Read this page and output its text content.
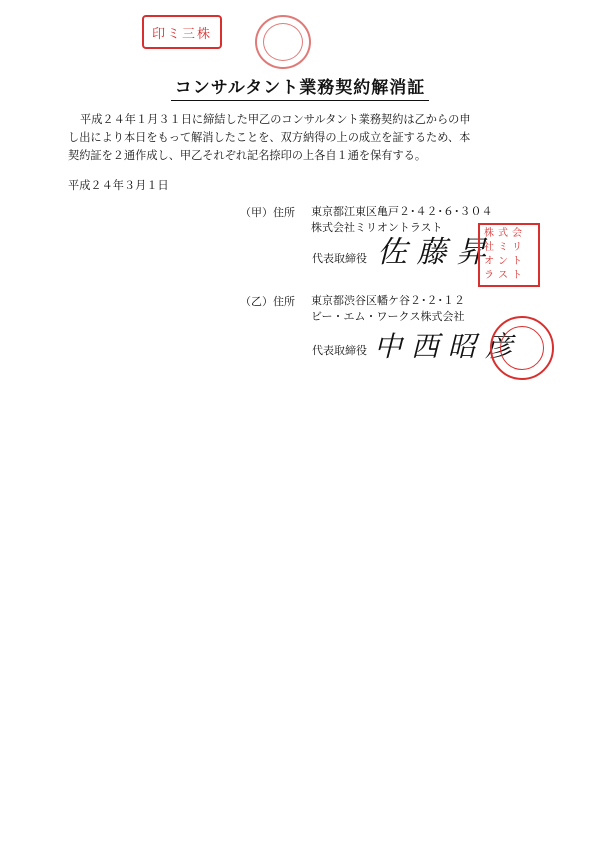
印ミ三株
コンサルタント業務契約解消証
平成２４年１月３１日に締結した甲乙のコンサルタント業務契約は乙からの申
し出により本日をもって解消したことを、双方納得の上の成立を証するため、本
契約証を２通作成し、甲乙それぞれ記名捺印の上各自１通を保有する。
平成２４年３月１日
（甲）住所 東京都江東区亀戸２･４２･６･３０４
株式会社ミリオントラスト
代表取締役 佐 藤 昇
株 式 会
社 ミ リ
オ ン ト
ラ ス ト
（乙）住所 東京都渋谷区幡ケ谷２･２･１２
ビー・エム・ワークス株式会社
代表取締役 中 西 昭 彦
